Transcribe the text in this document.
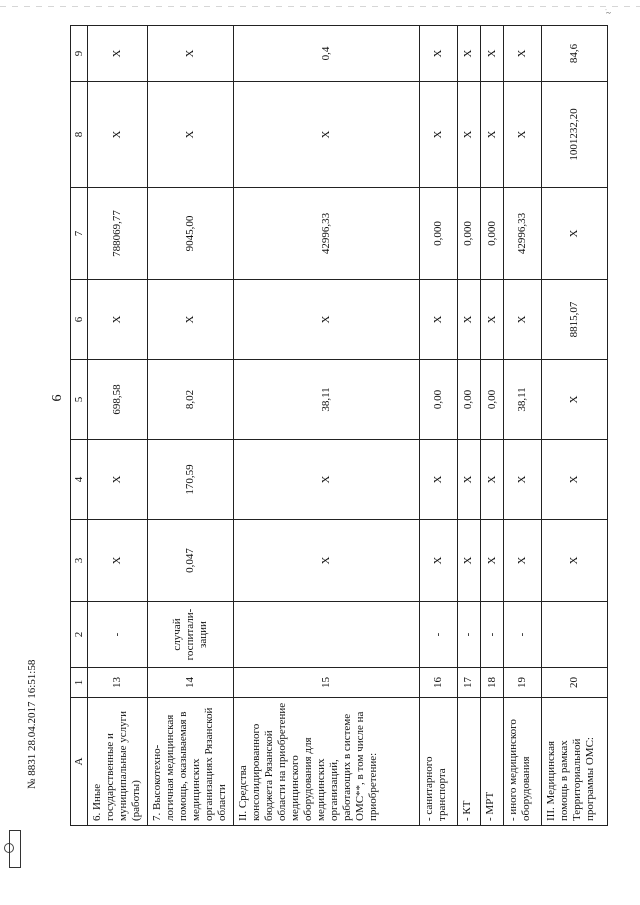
~ֺ
6
А	1	2	3	4	5	6	7	8	9
6. Иные государственные и муниципальные услуги (работы)	13	-	Х	Х	698,58	Х	788069,77	Х	Х
7. Высокотехно-логичная медицинская помощь, оказываемая в медицинских организациях Рязанской области	14	случай госпитали-зации	0,047	170,59	8,02	Х	9045,00	Х	Х
II. Средства консолидированного бюджета Рязанской области на приобретение медицинского оборудования для медицинских организаций, работающих в системе ОМС**, в том числе на приобретение:	15		Х	Х	38,11	Х	42996,33	Х	0,4
- санитарного транспорта	16	-	Х	Х	0,00	Х	0,000	Х	Х
- КТ	17	-	Х	Х	0,00	Х	0,000	Х	Х
- МРТ	18	-	Х	Х	0,00	Х	0,000	Х	Х
- иного медицинского оборудования	19	-	Х	Х	38,11	Х	42996,33	Х	Х
III. Медицинская помощь в рамках Территориальной программы ОМС:	20		Х	Х	Х	8815,07	Х	1001232,20	84,6
№ 8831 28.04.2017 16:51:58
